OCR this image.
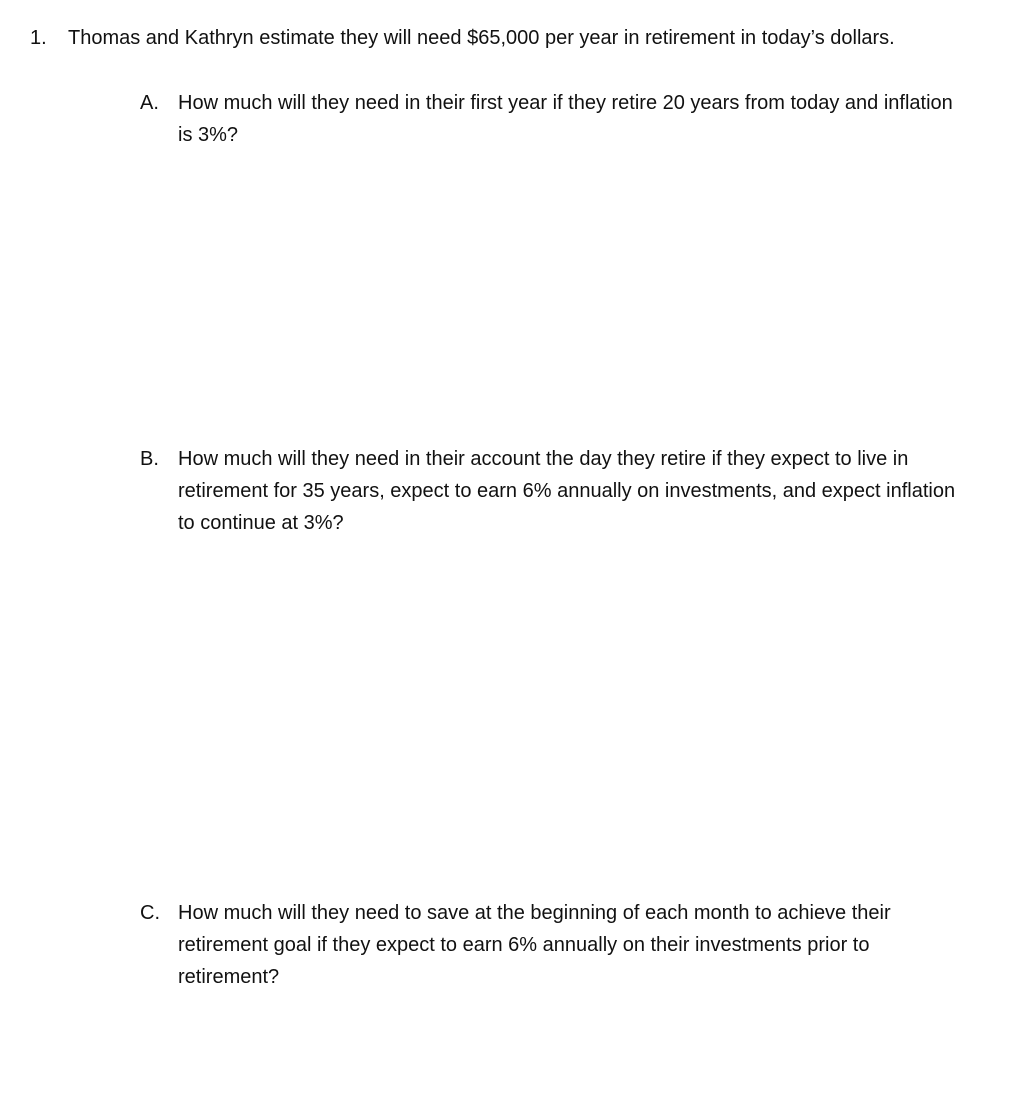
1. Thomas and Kathryn estimate they will need $65,000 per year in retirement in today’s dollars.
A. How much will they need in their first year if they retire 20 years from today and inflation is 3%?
B. How much will they need in their account the day they retire if they expect to live in retirement for 35 years, expect to earn 6% annually on investments, and expect inflation to continue at 3%?
C. How much will they need to save at the beginning of each month to achieve their retirement goal if they expect to earn 6% annually on their investments prior to retirement?
